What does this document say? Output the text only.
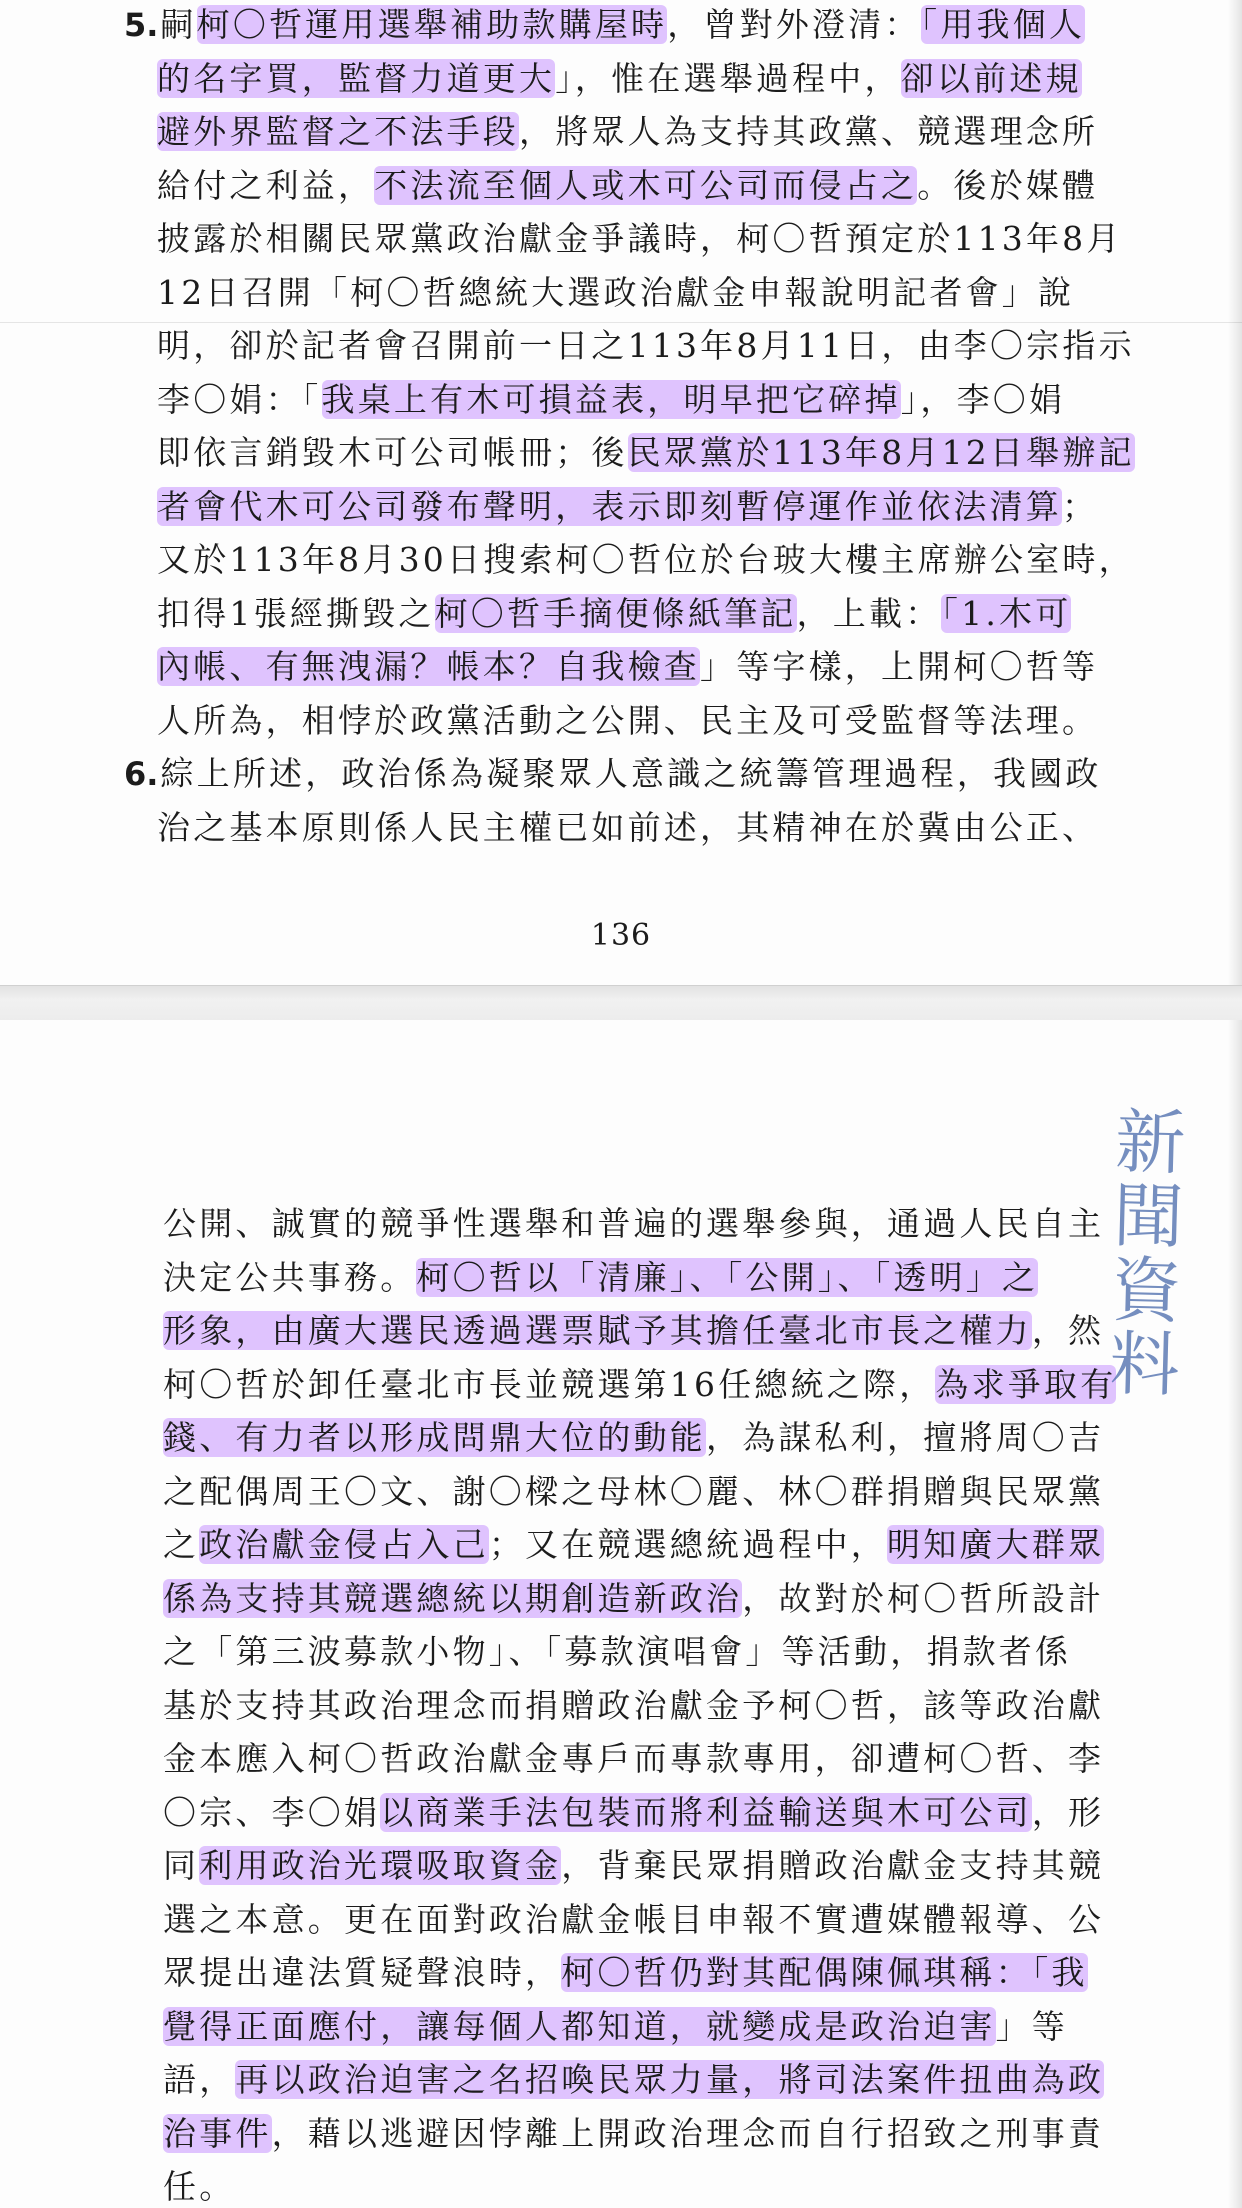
5.嗣柯〇哲運用選舉補助款購屋時，曾對外澄清：「用我個人
的名字買，監督力道更大」，惟在選舉過程中，卻以前述規
避外界監督之不法手段，將眾人為支持其政黨、競選理念所
給付之利益，不法流至個人或木可公司而侵占之。後於媒體
披露於相關民眾黨政治獻金爭議時，柯〇哲預定於113年8月
12日召開「柯〇哲總統大選政治獻金申報說明記者會」說
明，卻於記者會召開前一日之113年8月11日，由李〇宗指示
李〇娟：「我桌上有木可損益表，明早把它碎掉」，李〇娟
即依言銷毀木可公司帳冊；後民眾黨於113年8月12日舉辦記
者會代木可公司發布聲明，表示即刻暫停運作並依法清算；
又於113年8月30日搜索柯〇哲位於台玻大樓主席辦公室時，
扣得1張經撕毀之柯〇哲手摘便條紙筆記，上載：「1.木可
內帳、有無洩漏？帳本？自我檢查」等字樣，上開柯〇哲等
人所為，相悖於政黨活動之公開、民主及可受監督等法理。
6.綜上所述，政治係為凝聚眾人意識之統籌管理過程，我國政
治之基本原則係人民主權已如前述，其精神在於冀由公正、
136
公開、誠實的競爭性選舉和普遍的選舉參與，通過人民自主
決定公共事務。柯〇哲以「清廉」、「公開」、「透明」之
形象，由廣大選民透過選票賦予其擔任臺北市長之權力，然
柯〇哲於卸任臺北市長並競選第16任總統之際，為求爭取有
錢、有力者以形成問鼎大位的動能，為謀私利，擅將周〇吉
之配偶周王〇文、謝〇樑之母林〇麗、林〇群捐贈與民眾黨
之政治獻金侵占入己；又在競選總統過程中，明知廣大群眾
係為支持其競選總統以期創造新政治，故對於柯〇哲所設計
之「第三波募款小物」、「募款演唱會」等活動，捐款者係
基於支持其政治理念而捐贈政治獻金予柯〇哲，該等政治獻
金本應入柯〇哲政治獻金專戶而專款專用，卻遭柯〇哲、李
〇宗、李〇娟以商業手法包裝而將利益輸送與木可公司，形
同利用政治光環吸取資金，背棄民眾捐贈政治獻金支持其競
選之本意。更在面對政治獻金帳目申報不實遭媒體報導、公
眾提出違法質疑聲浪時，柯〇哲仍對其配偶陳佩琪稱：「我
覺得正面應付，讓每個人都知道，就變成是政治迫害」等
語，再以政治迫害之名招喚民眾力量，將司法案件扭曲為政
治事件，藉以逃避因悖離上開政治理念而自行招致之刑事責
任。
新聞資料
